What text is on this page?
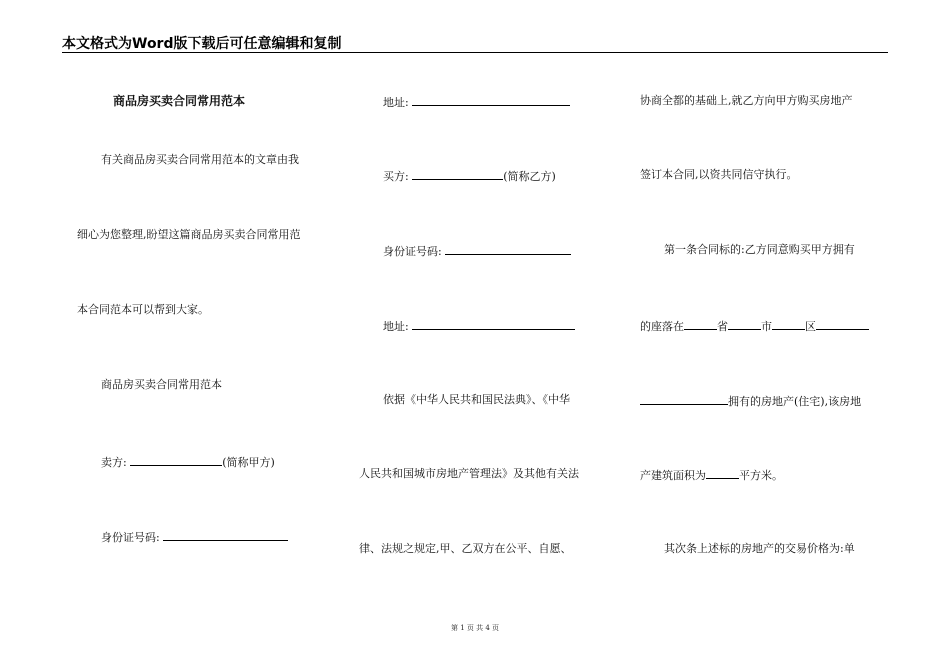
本文格式为Word版下载后可任意编辑和复制
商品房买卖合同常用范本
有关商品房买卖合同常用范本的文章由我
细心为您整理,盼望这篇商品房买卖合同常用范
本合同范本可以帮到大家。
商品房买卖合同常用范本
卖方:	(简称甲方)
身份证号码:
地址:
买方:	(简称乙方)
身份证号码:
地址:
依据《中华人民共和国民法典》、《中华
人民共和国城市房地产管理法》及其他有关法
律、法规之规定,甲、乙双方在公平、自愿、
协商全都的基础上,就乙方向甲方购买房地产
签订本合同,以资共同信守执行。
第一条合同标的:乙方同意购买甲方拥有
的座落在	省	市	区
拥有的房地产(住宅),该房地
产建筑面积为	平方米。
其次条上述标的房地产的交易价格为:单
第 1 页 共 4 页
